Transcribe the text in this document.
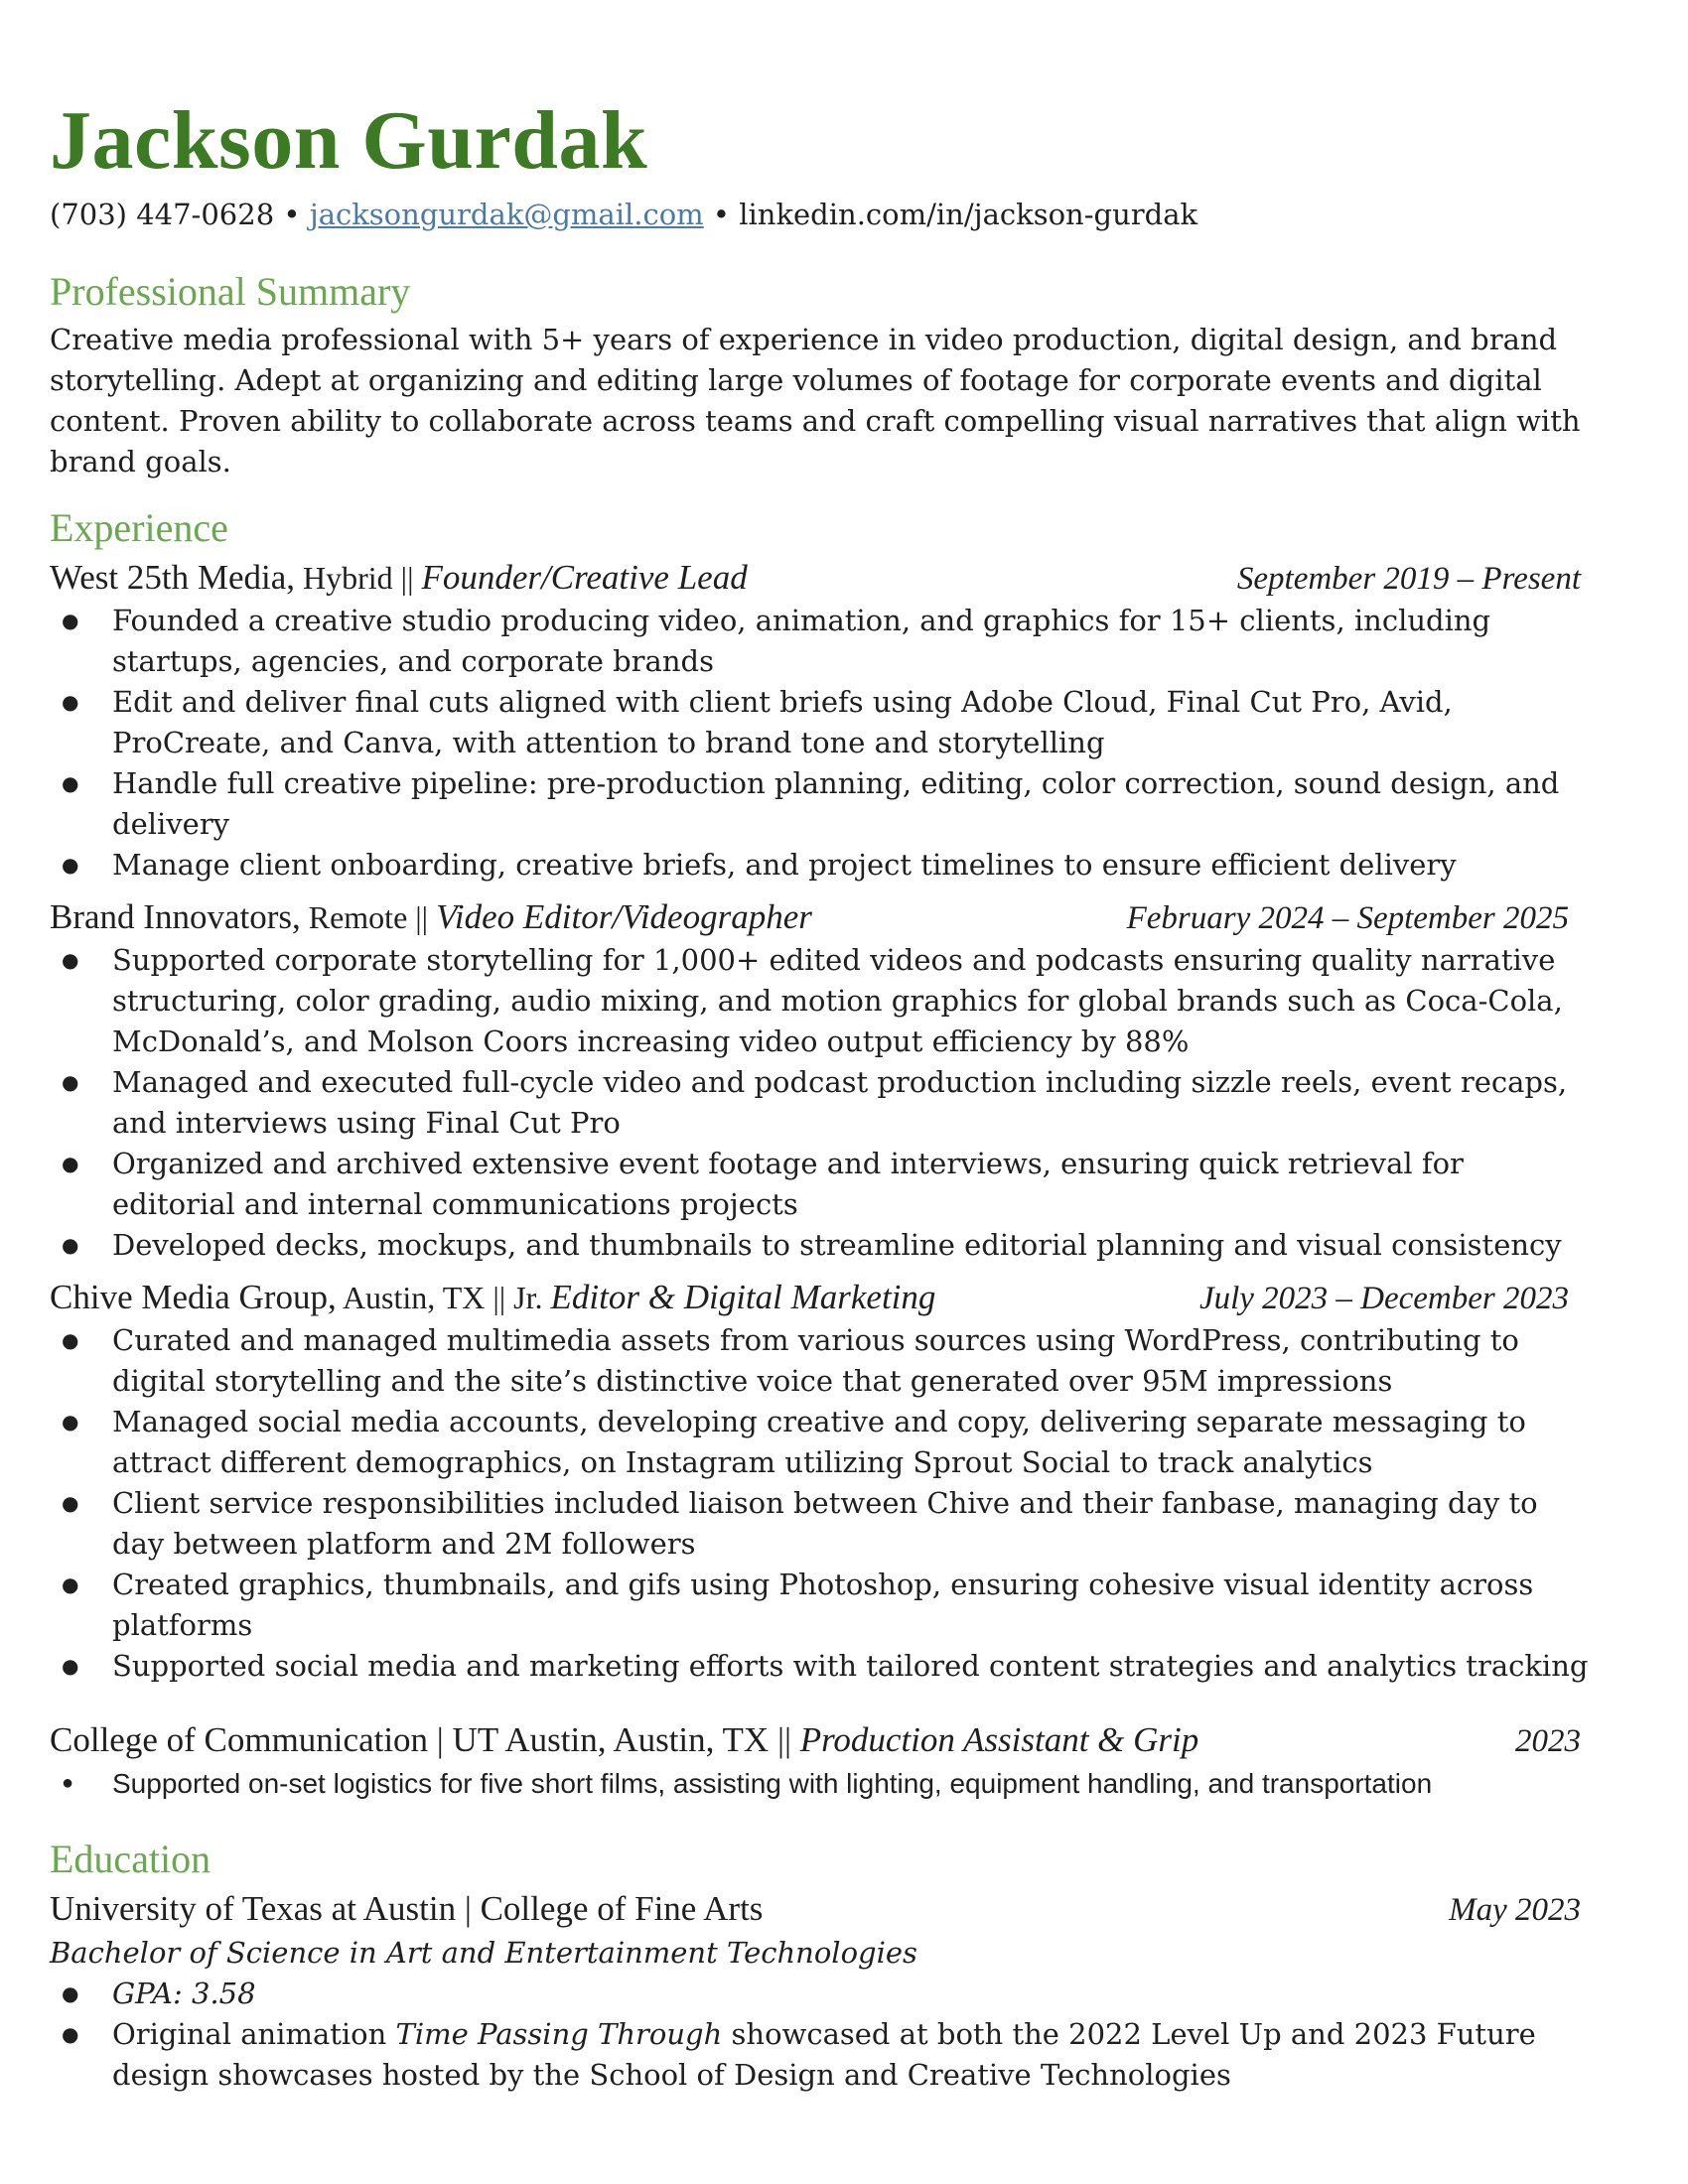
Jackson Gurdak
(703) 447-0628 • jacksongurdak@gmail.com • linkedin.com/in/jackson-gurdak
Professional Summary
Creative media professional with 5+ years of experience in video production, digital design, and brand storytelling. Adept at organizing and editing large volumes of footage for corporate events and digital content. Proven ability to collaborate across teams and craft compelling visual narratives that align with brand goals.
Experience
West 25th Media, Hybrid || Founder/Creative Lead	September 2019 – Present
● Founded a creative studio producing video, animation, and graphics for 15+ clients, including startups, agencies, and corporate brands
● Edit and deliver final cuts aligned with client briefs using Adobe Cloud, Final Cut Pro, Avid, ProCreate, and Canva, with attention to brand tone and storytelling
● Handle full creative pipeline: pre-production planning, editing, color correction, sound design, and delivery
● Manage client onboarding, creative briefs, and project timelines to ensure efficient delivery
Brand Innovators, Remote || Video Editor/Videographer	February 2024 – September 2025
● Supported corporate storytelling for 1,000+ edited videos and podcasts ensuring quality narrative structuring, color grading, audio mixing, and motion graphics for global brands such as Coca-Cola, McDonald’s, and Molson Coors increasing video output efficiency by 88%
● Managed and executed full-cycle video and podcast production including sizzle reels, event recaps, and interviews using Final Cut Pro
● Organized and archived extensive event footage and interviews, ensuring quick retrieval for editorial and internal communications projects
● Developed decks, mockups, and thumbnails to streamline editorial planning and visual consistency
Chive Media Group, Austin, TX || Jr. Editor & Digital Marketing	July 2023 – December 2023
● Curated and managed multimedia assets from various sources using WordPress, contributing to digital storytelling and the site’s distinctive voice that generated over 95M impressions
● Managed social media accounts, developing creative and copy, delivering separate messaging to attract different demographics, on Instagram utilizing Sprout Social to track analytics
● Client service responsibilities included liaison between Chive and their fanbase, managing day to day between platform and 2M followers
● Created graphics, thumbnails, and gifs using Photoshop, ensuring cohesive visual identity across platforms
● Supported social media and marketing efforts with tailored content strategies and analytics tracking
College of Communication | UT Austin, Austin, TX || Production Assistant & Grip	2023
● Supported on-set logistics for five short films, assisting with lighting, equipment handling, and transportation
Education
University of Texas at Austin | College of Fine Arts	May 2023
Bachelor of Science in Art and Entertainment Technologies
● GPA: 3.58
● Original animation Time Passing Through showcased at both the 2022 Level Up and 2023 Future design showcases hosted by the School of Design and Creative Technologies
